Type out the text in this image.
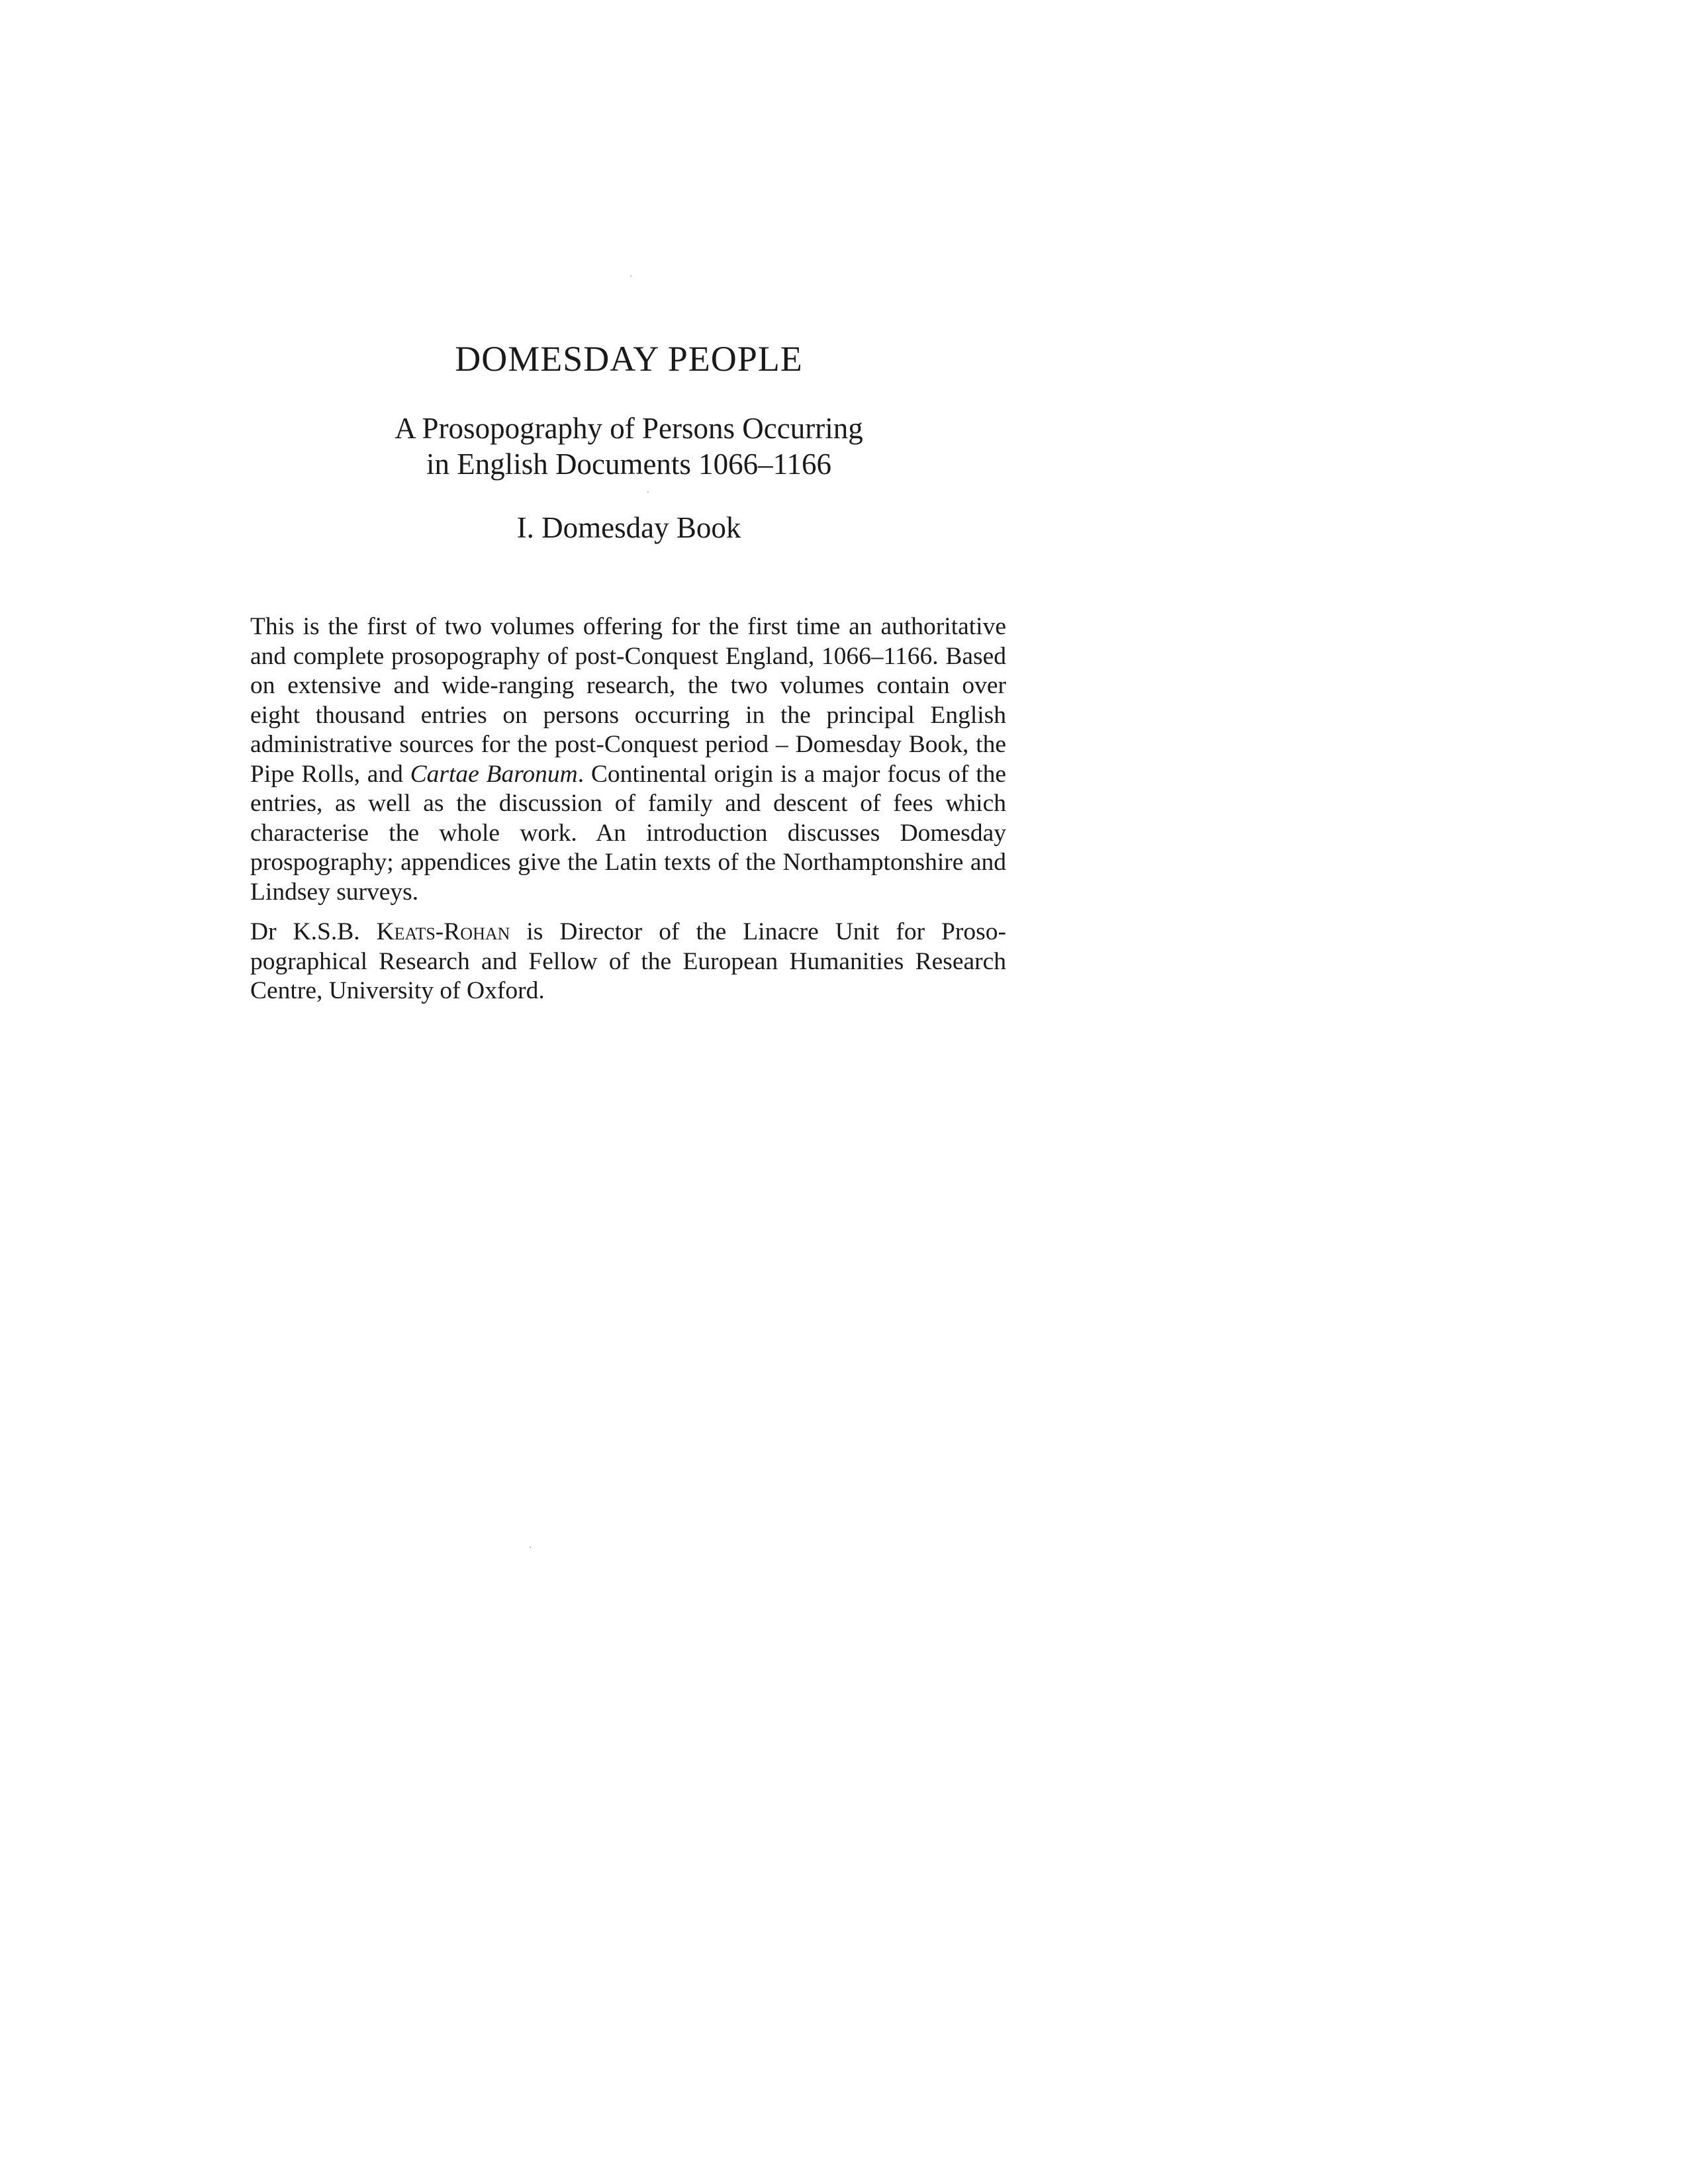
DOMESDAY PEOPLE
A Prosopography of Persons Occurring
in English Documents 1066–1166
I. Domesday Book

This is the first of two volumes offering for the first time an authoritative and complete prosopography of post-Conquest England, 1066–1166. Based on extensive and wide-ranging research, the two volumes contain over eight thousand entries on persons occurring in the principal English administrative sources for the post-Conquest period – Domesday Book, the Pipe Rolls, and Cartae Baronum. Continental origin is a major focus of the entries, as well as the discussion of family and descent of fees which characterise the whole work. An introduction discusses Domesday prospography; appendices give the Latin texts of the Northamptonshire and Lindsey surveys.

Dr K.S.B. Keats-Rohan is Director of the Linacre Unit for Prosopographical Research and Fellow of the European Humanities Research Centre, University of Oxford.
